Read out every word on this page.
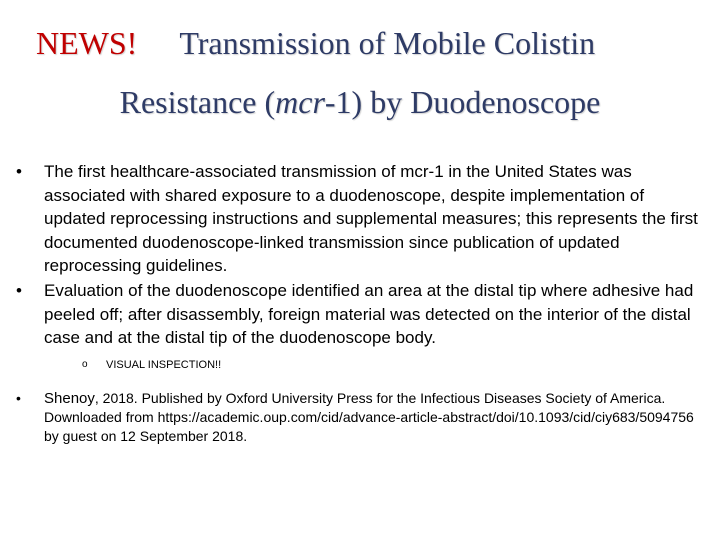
NEWS! Transmission of Mobile Colistin
Resistance (mcr-1) by Duodenoscope
• The first healthcare-associated transmission of mcr-1 in the United States was associated with shared exposure to a duodenoscope, despite implementation of updated reprocessing instructions and supplemental measures; this represents the first documented duodenoscope-linked transmission since publication of updated reprocessing guidelines.
• Evaluation of the duodenoscope identified an area at the distal tip where adhesive had peeled off; after disassembly, foreign material was detected on the interior of the distal case and at the distal tip of the duodenoscope body.
o VISUAL INSPECTION!!
• Shenoy, 2018. Published by Oxford University Press for the Infectious Diseases Society of America. Downloaded from https://academic.oup.com/cid/advance-article-abstract/doi/10.1093/cid/ciy683/5094756 by guest on 12 September 2018.
